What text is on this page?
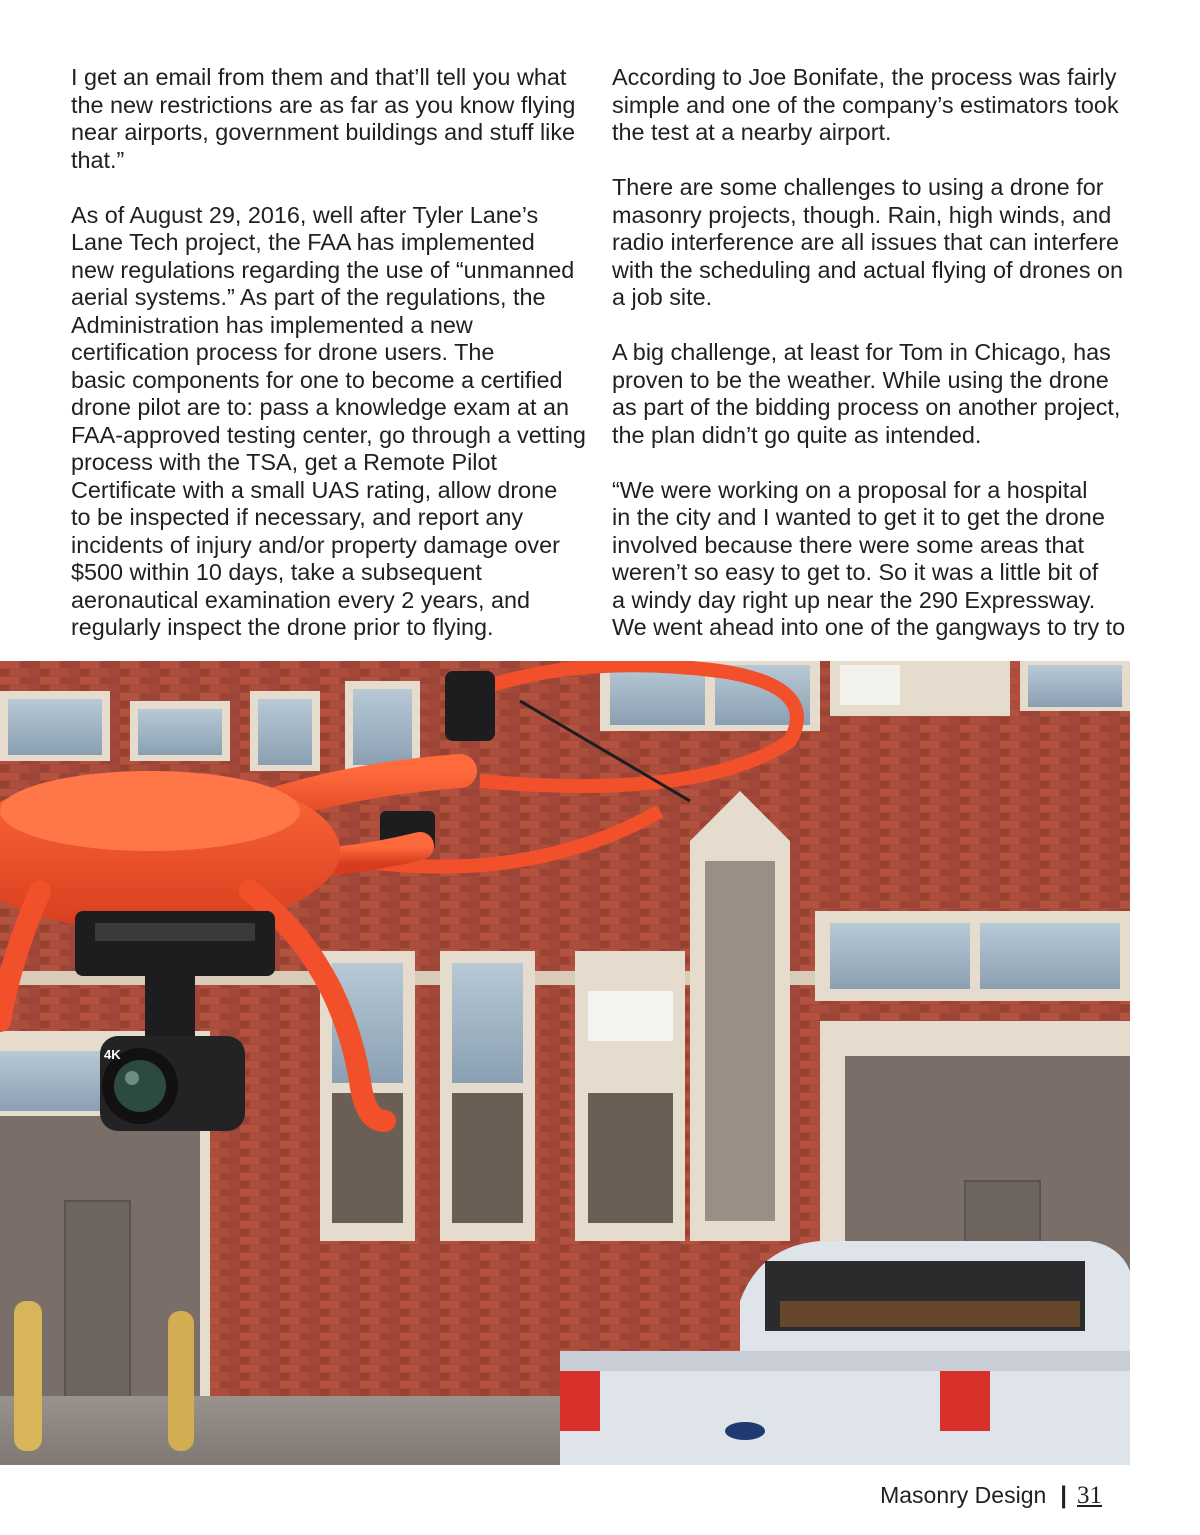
I get an email from them and that’ll tell you what
the new restrictions are as far as you know flying
near airports, government buildings and stuff like
that.”

As of August 29, 2016, well after Tyler Lane’s
Lane Tech project, the FAA has implemented
new regulations regarding the use of “unmanned
aerial systems.” As part of the regulations, the
Administration has implemented a new
certification process for drone users. The
basic components for one to become a certified
drone pilot are to: pass a knowledge exam at an
FAA-approved testing center, go through a vetting
process with the TSA, get a Remote Pilot
Certificate with a small UAS rating, allow drone
to be inspected if necessary, and report any
incidents of injury and/or property damage over
$500 within 10 days, take a subsequent
aeronautical examination every 2 years, and
regularly inspect the drone prior to flying.

According to Joe Bonifate, the process was fairly
simple and one of the company’s estimators took
the test at a nearby airport.

There are some challenges to using a drone for
masonry projects, though. Rain, high winds, and
radio interference are all issues that can interfere
with the scheduling and actual flying of drones on
a job site.

A big challenge, at least for Tom in Chicago, has
proven to be the weather. While using the drone
as part of the bidding process on another project,
the plan didn’t go quite as intended.

“We were working on a proposal for a hospital
in the city and I wanted to get it to get the drone
involved because there were some areas that
weren’t so easy to get to. So it was a little bit of
a windy day right up near the 290 Expressway.
We went ahead into one of the gangways to try to

4K
Masonry Design | 31
